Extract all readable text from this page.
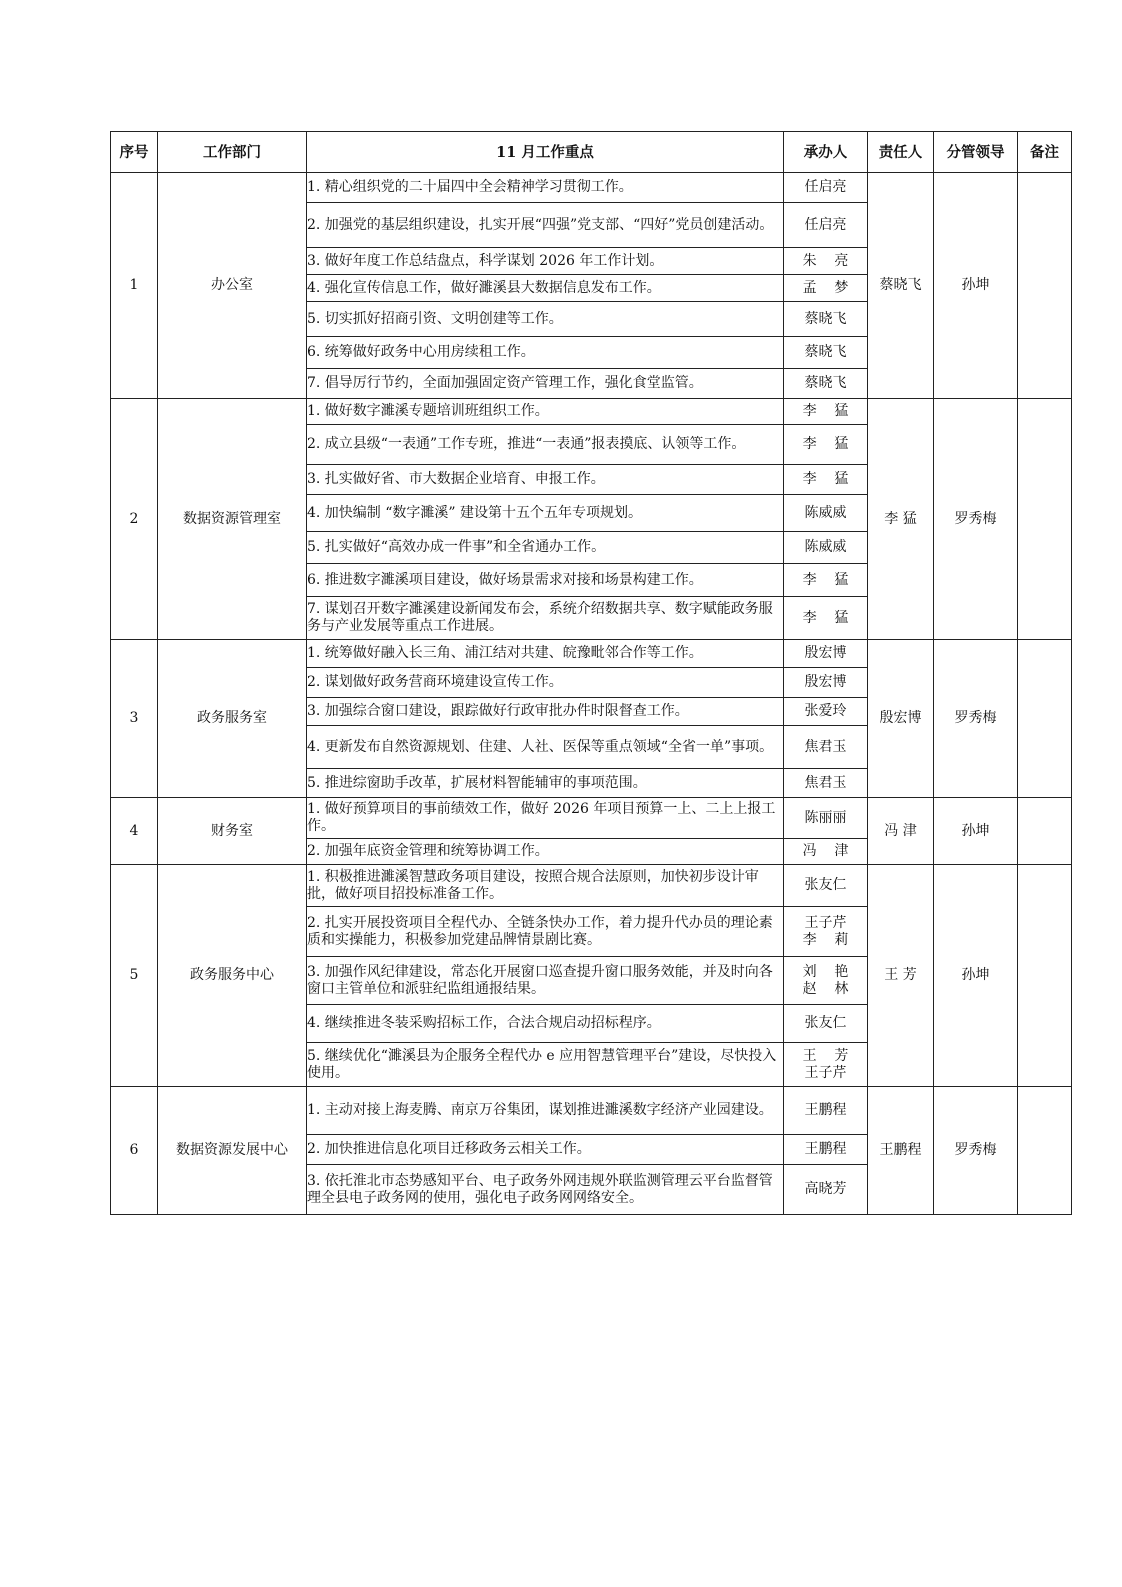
序号	工作部门	11 月工作重点	承办人	责任人	分管领导	备注
1	办公室	1. 精心组织党的二十届四中全会精神学习贯彻工作。	任启亮	蔡晓飞	孙坤	
		2. 加强党的基层组织建设，扎实开展“四强”党支部、“四好”党员创建活动。	任启亮			

		3. 做好年度工作总结盘点，科学谋划 2026 年工作计划。	朱    亮			

		4. 强化宣传信息工作，做好濉溪县大数据信息发布工作。	孟    梦			

		5. 切实抓好招商引资、文明创建等工作。	蔡晓飞			

		6. 统筹做好政务中心用房续租工作。	蔡晓飞			

		7. 倡导厉行节约，全面加强固定资产管理工作，强化食堂监管。	蔡晓飞			

2	数据资源管理室	1. 做好数字濉溪专题培训班组织工作。	李    猛	李 猛	罗秀梅	
		2. 成立县级“一表通”工作专班，推进“一表通”报表摸底、认领等工作。	李    猛			

		3. 扎实做好省、市大数据企业培育、申报工作。	李    猛			

		4. 加快编制 “数字濉溪” 建设第十五个五年专项规划。	陈威威			

		5. 扎实做好“高效办成一件事”和全省通办工作。	陈威威			

		6. 推进数字濉溪项目建设，做好场景需求对接和场景构建工作。	李    猛			

		7. 谋划召开数字濉溪建设新闻发布会，系统介绍数据共享、数字赋能政务服务与产业发展等重点工作进展。	李    猛			

3	政务服务室	1. 统筹做好融入长三角、浦江结对共建、皖豫毗邻合作等工作。	殷宏博	殷宏博	罗秀梅	
		2. 谋划做好政务营商环境建设宣传工作。	殷宏博			

		3. 加强综合窗口建设，跟踪做好行政审批办件时限督查工作。	张爱玲			

		4. 更新发布自然资源规划、住建、人社、医保等重点领域“全省一单”事项。	焦君玉			

		5. 推进综窗助手改革，扩展材料智能辅审的事项范围。	焦君玉			

4	财务室	1. 做好预算项目的事前绩效工作，做好 2026 年项目预算一上、二上上报工作。	陈丽丽	冯 津	孙坤	
		2. 加强年底资金管理和统筹协调工作。	冯    津			

5	政务服务中心	1. 积极推进濉溪智慧政务项目建设，按照合规合法原则，加快初步设计审批，做好项目招投标准备工作。	张友仁	王 芳	孙坤	
		2. 扎实开展投资项目全程代办、全链条快办工作，着力提升代办员的理论素质和实操能力，积极参加党建品牌情景剧比赛。	王子芹
李    莉			

		3. 加强作风纪律建设，常态化开展窗口巡查提升窗口服务效能，并及时向各窗口主管单位和派驻纪监组通报结果。	刘    艳
赵    林			

		4. 继续推进冬装采购招标工作，合法合规启动招标程序。	张友仁			

		5. 继续优化“濉溪县为企服务全程代办 e 应用智慧管理平台”建设，尽快投入使用。	王    芳
王子芹			

6	数据资源发展中心	1. 主动对接上海麦腾、南京万谷集团，谋划推进濉溪数字经济产业园建设。	王鹏程	王鹏程	罗秀梅	
		2. 加快推进信息化项目迁移政务云相关工作。	王鹏程			

		3. 依托淮北市态势感知平台、电子政务外网违规外联监测管理云平台监督管理全县电子政务网的使用，强化电子政务网网络安全。	高晓芳			
